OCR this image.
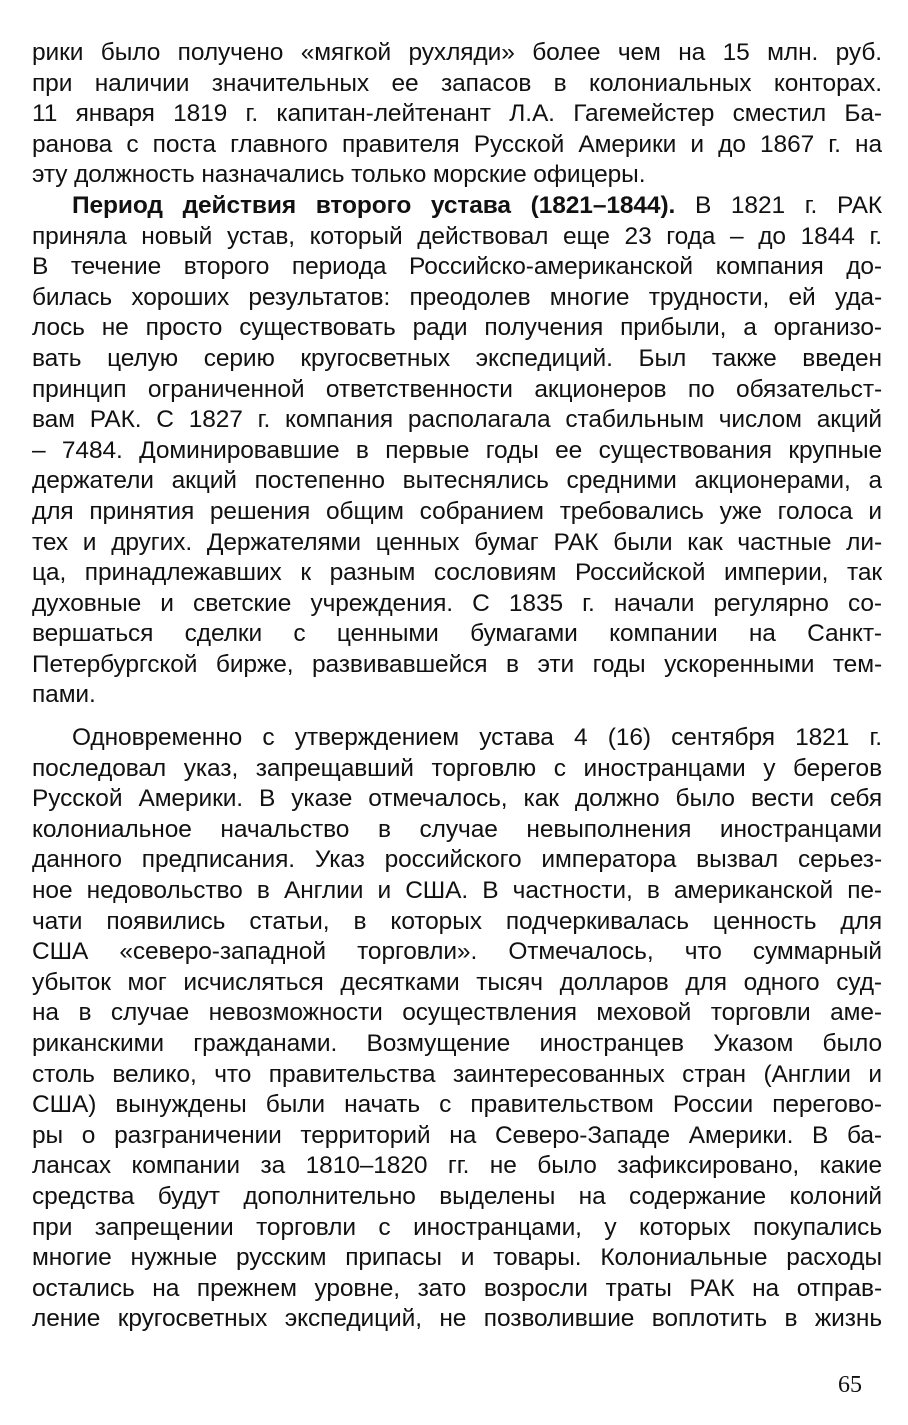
рики было получено «мягкой рухляди» более чем на 15 млн. руб.
при наличии значительных ее запасов в колониальных конторах.
11 января 1819 г. капитан-лейтенант Л.А. Гагемейстер сместил Ба-
ранова с поста главного правителя Русской Америки и до 1867 г. на
эту должность назначались только морские офицеры.
Период действия второго устава (1821–1844). В 1821 г. РАК
приняла новый устав, который действовал еще 23 года – до 1844 г.
В течение второго периода Российско-американской компания до-
билась хороших результатов: преодолев многие трудности, ей уда-
лось не просто существовать ради получения прибыли, а организо-
вать целую серию кругосветных экспедиций. Был также введен
принцип ограниченной ответственности акционеров по обязательст-
вам РАК. С 1827 г. компания располагала стабильным числом акций
– 7484. Доминировавшие в первые годы ее существования крупные
держатели акций постепенно вытеснялись средними акционерами, а
для принятия решения общим собранием требовались уже голоса и
тех и других. Держателями ценных бумаг РАК были как частные ли-
ца, принадлежавших к разным сословиям Российской империи, так
духовные и светские учреждения. С 1835 г. начали регулярно со-
вершаться сделки с ценными бумагами компании на Санкт-
Петербургской бирже, развивавшейся в эти годы ускоренными тем-
пами.
Одновременно с утверждением устава 4 (16) сентября 1821 г.
последовал указ, запрещавший торговлю с иностранцами у берегов
Русской Америки. В указе отмечалось, как должно было вести себя
колониальное начальство в случае невыполнения иностранцами
данного предписания. Указ российского императора вызвал серьез-
ное недовольство в Англии и США. В частности, в американской пе-
чати появились статьи, в которых подчеркивалась ценность для
США «северо-западной торговли». Отмечалось, что суммарный
убыток мог исчисляться десятками тысяч долларов для одного суд-
на в случае невозможности осуществления меховой торговли аме-
риканскими гражданами. Возмущение иностранцев Указом было
столь велико, что правительства заинтересованных стран (Англии и
США) вынуждены были начать с правительством России перегово-
ры о разграничении территорий на Северо-Западе Америки. В ба-
лансах компании за 1810–1820 гг. не было зафиксировано, какие
средства будут дополнительно выделены на содержание колоний
при запрещении торговли с иностранцами, у которых покупались
многие нужные русским припасы и товары. Колониальные расходы
остались на прежнем уровне, зато возросли траты РАК на отправ-
ление кругосветных экспедиций, не позволившие воплотить в жизнь
65
